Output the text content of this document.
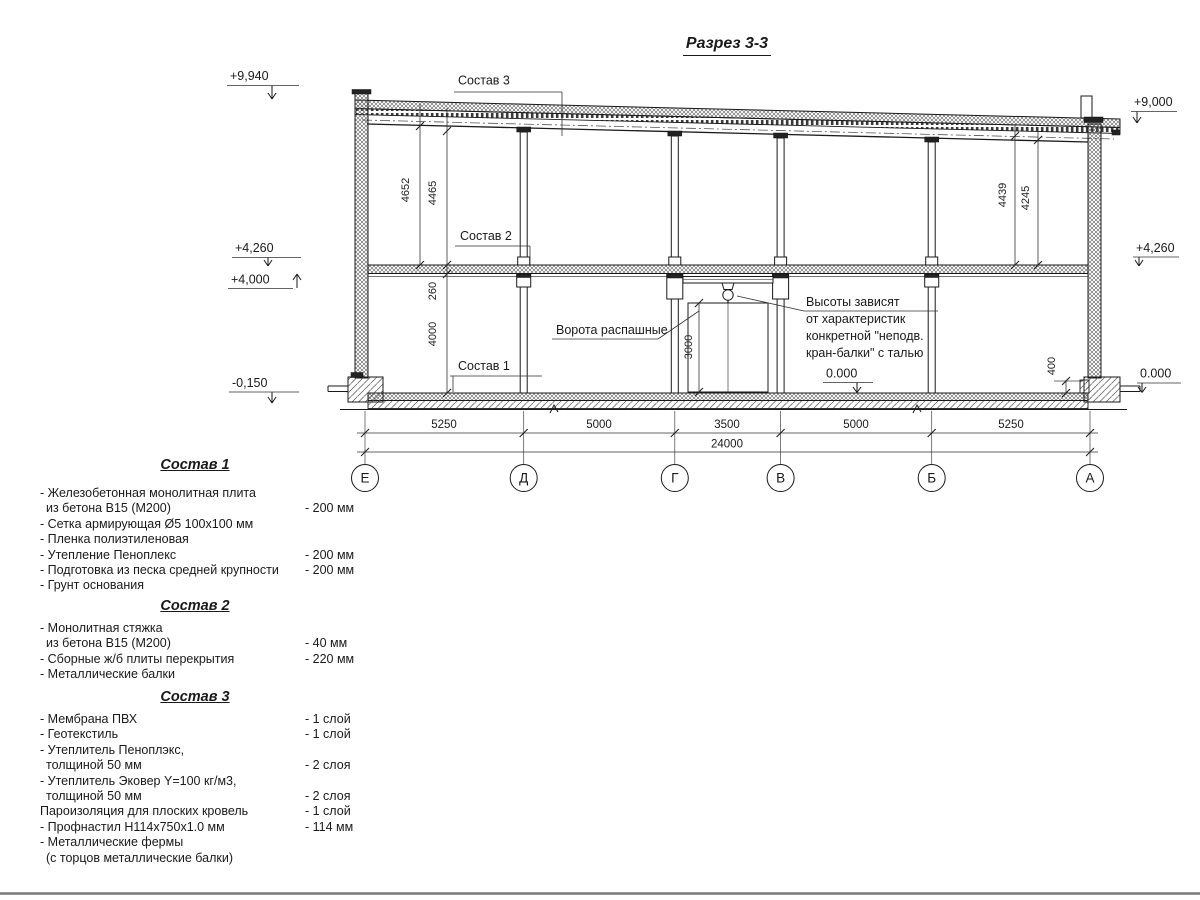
Разрез 3-3
4652 4465	4439 4245
260
4000
3000
400
5250	5000	3500	5000	5250
24000
Е	Д	Г	В	Б	А
+9,940
+4,260
+4,000
-0,150
+9,000
+4,260
0.000
0.000
Состав 3
Состав 2
Состав 1
Ворота распашные
Высоты зависят
от характеристик
конкретной "неподв.
кран-балки" с талью
Состав 1
- Железобетонная монолитная плита
из бетона В15 (М200)	- 200 мм
- Сетка армирующая Ø5 100х100 мм
- Пленка полиэтиленовая
- Утепление Пеноплекс	- 200 мм
- Подготовка из песка средней крупности - 200 мм
- Грунт основания
Состав 2
- Монолитная стяжка
из бетона В15 (М200)	- 40 мм
- Сборные ж/б плиты перекрытия	- 220 мм
- Металлические балки
Состав 3
- Мембрана ПВХ	- 1 слой
- Геотекстиль	- 1 слой
- Утеплитель Пеноплэкс,
толщиной 50 мм	- 2 слоя
- Утеплитель Эковер Y=100 кг/м3,
толщиной 50 мм	- 2 слоя
Пароизоляция для плоских кровель	- 1 слой
- Профнастил Н114х750х1.0 мм	- 114 мм
- Металлические фермы
(с торцов металлические балки)
